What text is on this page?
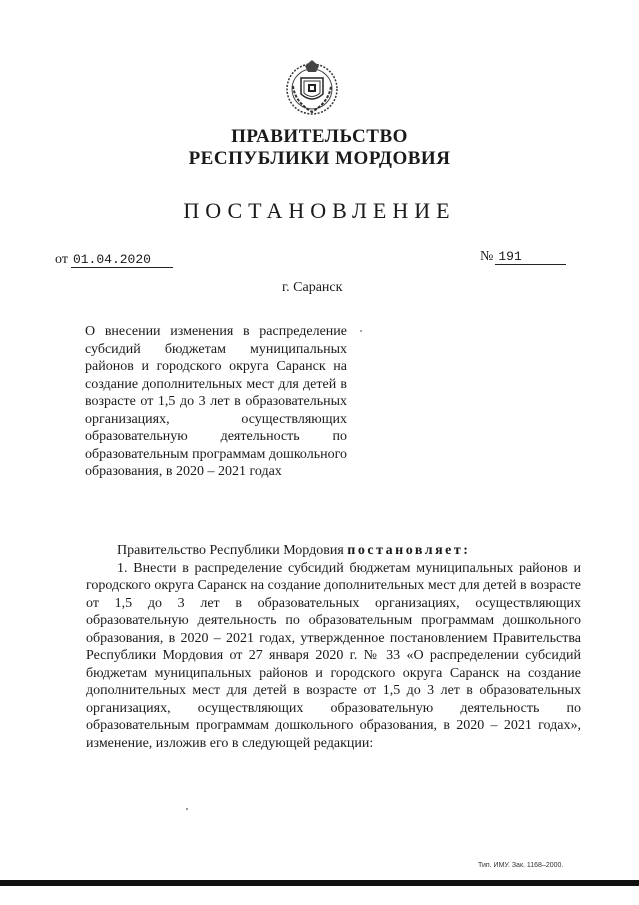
ПРАВИТЕЛЬСТВО
РЕСПУБЛИКИ МОРДОВИЯ
ПОСТАНОВЛЕНИЕ
от 01.04.2020	№ 191
г. Саранск
О внесении изменения в распределение субсидий бюджетам муниципальных районов и городского округа Саранск на создание дополнительных мест для детей в возрасте от 1,5 до 3 лет в образовательных организациях, осуществляющих образовательную деятельность по образовательным программам дошкольного образования, в 2020 – 2021 годах
Правительство Республики Мордовия постановляет:
1. Внести в распределение субсидий бюджетам муниципальных районов и городского округа Саранск на создание дополнительных мест для детей в возрасте от 1,5 до 3 лет в образовательных организациях, осуществляющих образовательную деятельность по образовательным программам дошкольного образования, в 2020 – 2021 годах, утвержденное постановлением Правительства Республики Мордовия от 27 января 2020 г. № 33 «О распределении субсидий бюджетам муниципальных районов и городского округа Саранск на создание дополнительных мест для детей в возрасте от 1,5 до 3 лет в образовательных организациях, осуществляющих образовательную деятельность по образовательным программам дошкольного образования, в 2020 – 2021 годах», изменение, изложив его в следующей редакции:
Тип. ИМУ. Зак. 1168–2000.
